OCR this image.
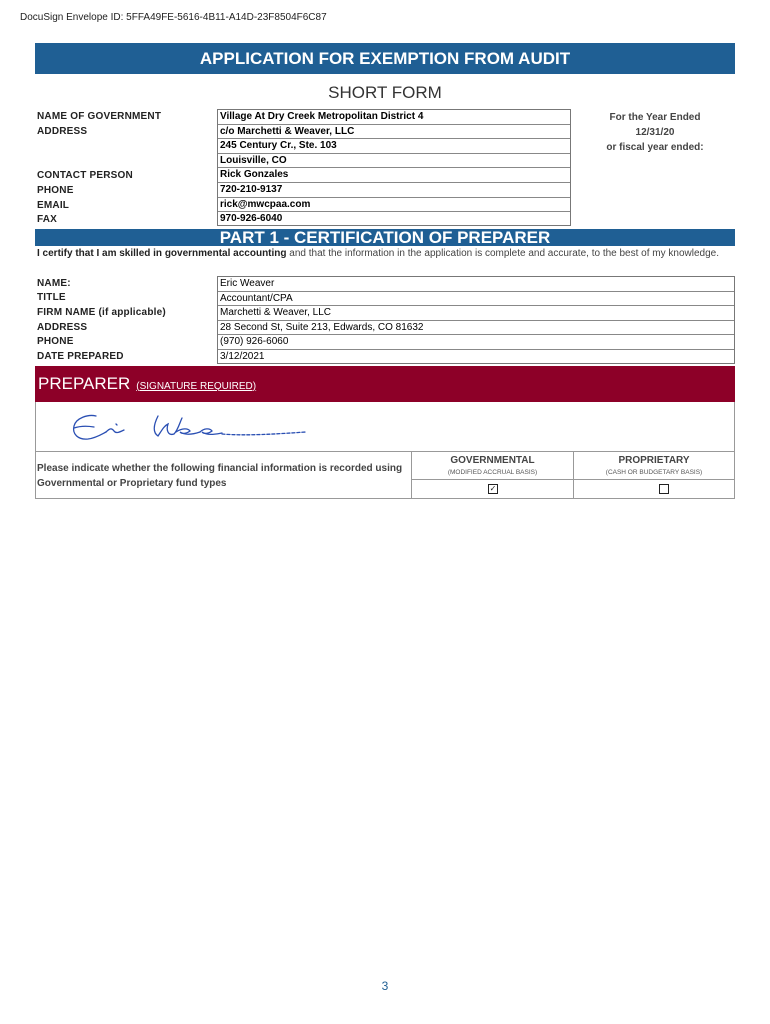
DocuSign Envelope ID: 5FFA49FE-5616-4B11-A14D-23F8504F6C87
APPLICATION FOR EXEMPTION FROM AUDIT
SHORT FORM
NAME OF GOVERNMENT
ADDRESS
CONTACT PERSON
PHONE
EMAIL
FAX
Village At Dry Creek Metropolitan District 4
c/o Marchetti & Weaver, LLC
245 Century Cr., Ste. 103
Louisville, CO
Rick Gonzales
720-210-9137
rick@mwcpaa.com
970-926-6040
For the Year Ended
12/31/20
or fiscal year ended:
PART 1 - CERTIFICATION OF PREPARER
I certify that I am skilled in governmental accounting and that the information in the application is complete and accurate, to the best of my knowledge.
NAME:
TITLE
FIRM NAME (if applicable)
ADDRESS
PHONE
DATE PREPARED
Eric Weaver
Accountant/CPA
Marchetti & Weaver, LLC
28 Second St, Suite 213, Edwards, CO 81632
(970) 926-6060
3/12/2021
PREPARER (SIGNATURE REQUIRED)
Please indicate whether the following financial information is recorded using Governmental or Proprietary fund types
GOVERNMENTAL
(MODIFIED ACCRUAL BASIS)
✓
PROPRIETARY
(CASH OR BUDGETARY BASIS)
3
